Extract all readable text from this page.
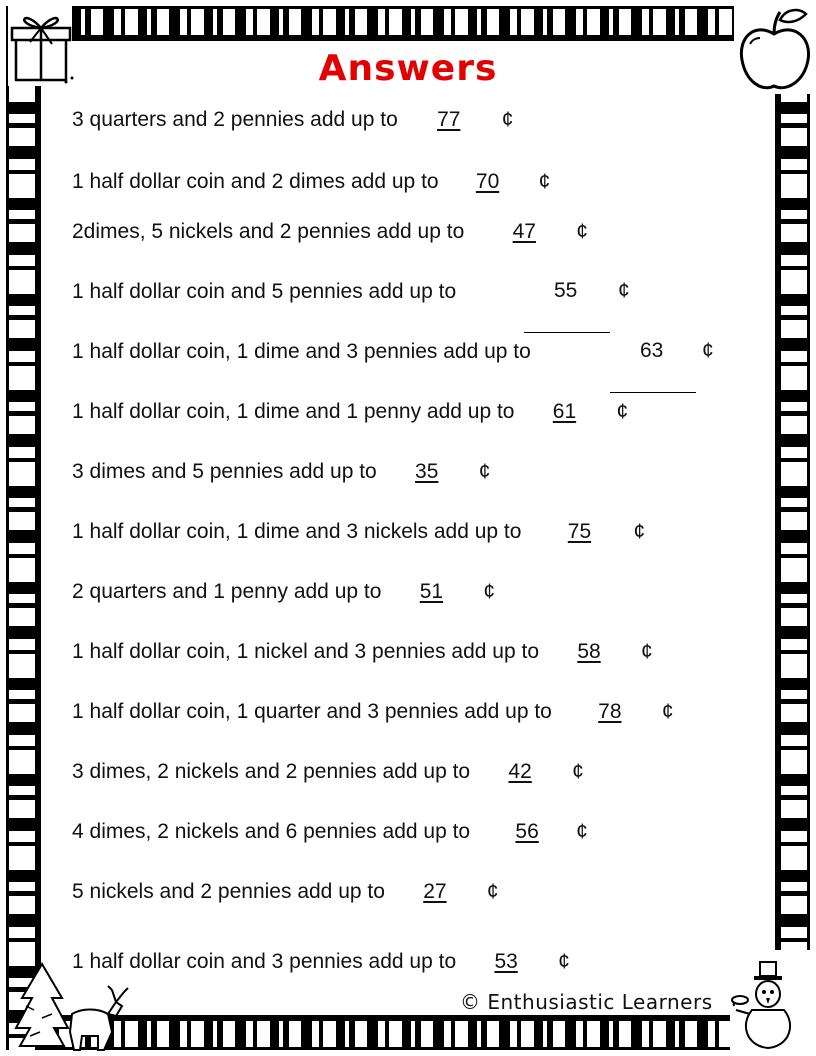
Answers
3 quarters and 2 pennies add up to 77 ¢
1 half dollar coin and 2 dimes add up to 70 ¢
2dimes, 5 nickels and 2 pennies add up to 47 ¢
1 half dollar coin and 5 pennies add up to
1 half dollar coin, 1 dime and 3 pennies add up to
1 half dollar coin, 1 dime and 1 penny add up to 61 ¢
3 dimes and 5 pennies add up to 35 ¢
1 half dollar coin, 1 dime and 3 nickels add up to 75 ¢
2 quarters and 1 penny add up to 51 ¢
1 half dollar coin, 1 nickel and 3 pennies add up to 58 ¢
1 half dollar coin, 1 quarter and 3 pennies add up to 78 ¢
3 dimes, 2 nickels and 2 pennies add up to 42 ¢
4 dimes, 2 nickels and 6 pennies add up to 56 ¢
5 nickels and 2 pennies add up to 27 ¢
1 half dollar coin and 3 pennies add up to 53 ¢
55 ¢
63 ¢
© Enthusiastic Learners
